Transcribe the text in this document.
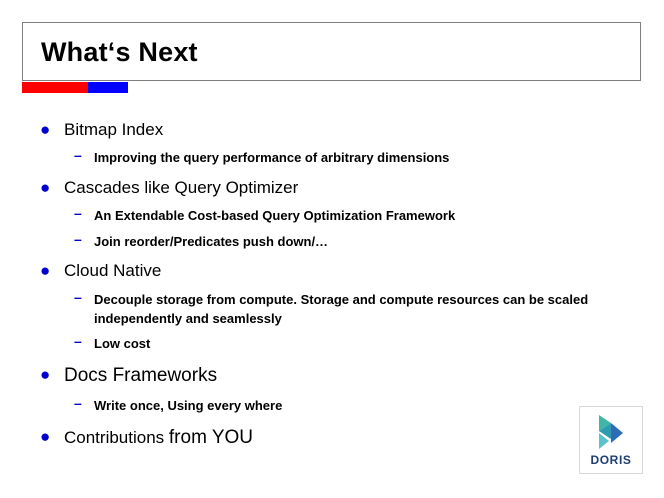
What‘s Next
● Bitmap Index
– Improving the query performance of arbitrary dimensions
● Cascades like Query Optimizer
– An Extendable Cost-based Query Optimization Framework
– Join reorder/Predicates push down/…
● Cloud Native
– Decouple storage from compute. Storage and compute resources can be scaled independently and seamlessly
– Low cost
● Docs Frameworks
– Write once, Using every where
● Contributions from YOU
DORIS
